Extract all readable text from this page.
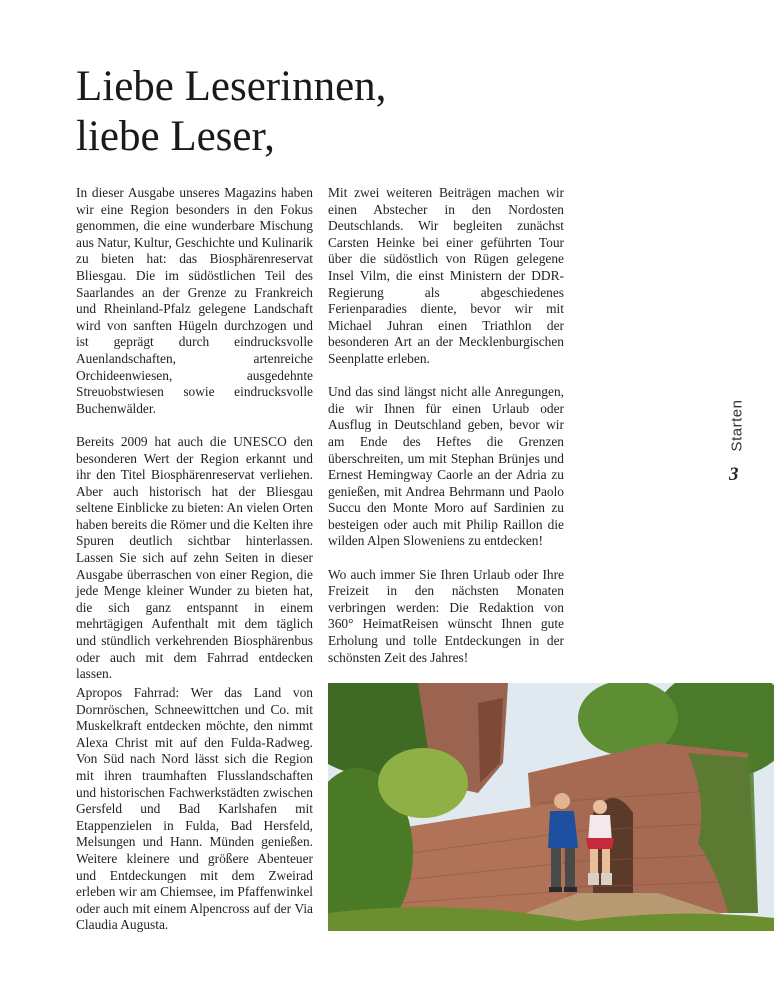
Liebe Leserinnen,
liebe Leser,

In dieser Ausgabe unseres Magazins haben wir eine Region besonders in den Fokus genommen, die eine wunderbare Mischung aus Natur, Kultur, Geschichte und Kulinarik zu bieten hat: das Biosphärenreservat Bliesgau. Die im südöstlichen Teil des Saarlandes an der Grenze zu Frankreich und Rheinland-Pfalz gelegene Landschaft wird von sanften Hügeln durchzogen und ist geprägt durch eindrucksvolle Auenlandschaften, artenreiche Orchideenwiesen, ausgedehnte Streuobstwiesen sowie eindrucksvolle Buchenwälder.

Bereits 2009 hat auch die UNESCO den besonderen Wert der Region erkannt und ihr den Titel Biosphärenreservat verliehen. Aber auch historisch hat der Bliesgau seltene Einblicke zu bieten: An vielen Orten haben bereits die Römer und die Kelten ihre Spuren deutlich sichtbar hinterlassen. Lassen Sie sich auf zehn Seiten in dieser Ausgabe überraschen von einer Region, die jede Menge kleiner Wunder zu bieten hat, die sich ganz entspannt in einem mehrtägigen Aufenthalt mit dem täglich und stündlich verkehrenden Biosphärenbus oder auch mit dem Fahrrad entdecken lassen.

Mit zwei weiteren Beiträgen machen wir einen Abstecher in den Nordosten Deutschlands. Wir begleiten zunächst Carsten Heinke bei einer geführten Tour über die südöstlich von Rügen gelegene Insel Vilm, die einst Ministern der DDR-Regierung als abgeschiedenes Ferienparadies diente, bevor wir mit Michael Juhran einen Triathlon der besonderen Art an der Mecklenburgischen Seenplatte erleben.

Und das sind längst nicht alle Anregungen, die wir Ihnen für einen Urlaub oder Ausflug in Deutschland geben, bevor wir am Ende des Heftes die Grenzen überschreiten, um mit Stephan Brünjes und Ernest Hemingway Caorle an der Adria zu genießen, mit Andrea Behrmann und Paolo Succu den Monte Moro auf Sardinien zu besteigen oder auch mit Philip Raillon die wilden Alpen Sloweniens zu entdecken!

Wo auch immer Sie Ihren Urlaub oder Ihre Freizeit in den nächsten Monaten verbringen werden: Die Redaktion von 360° HeimatReisen wünscht Ihnen gute Erholung und tolle Entdeckungen in der schönsten Zeit des Jahres!

Apropos Fahrrad: Wer das Land von Dornröschen, Schneewittchen und Co. mit Muskelkraft entdecken möchte, den nimmt Alexa Christ mit auf den Fulda-Radweg. Von Süd nach Nord lässt sich die Region mit ihren traumhaften Flusslandschaften und historischen Fachwerkstädten zwischen Gersfeld und Bad Karlshafen mit Etappenzielen in Fulda, Bad Hersfeld, Melsungen und Hann. Münden genießen. Weitere kleinere und größere Abenteuer und Entdeckungen mit dem Zweirad erleben wir am Chiemsee, im Pfaffenwinkel oder auch mit einem Alpencross auf der Via Claudia Augusta.

Starten
3
